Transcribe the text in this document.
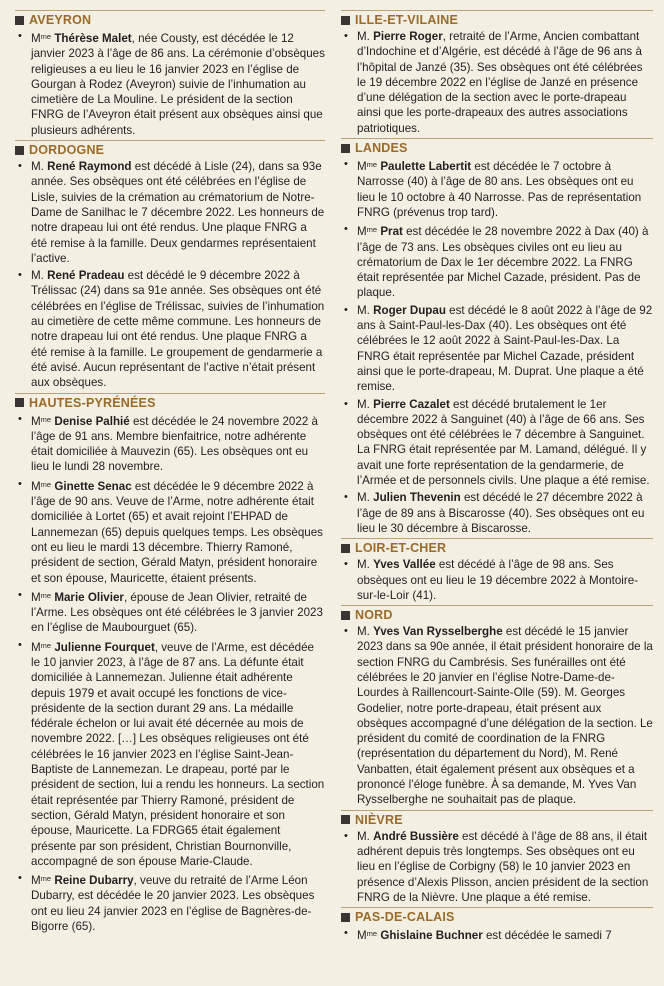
AVEYRON
• $M^{me}$ Thérèse Malet, née Cousty, est décédée le 12 janvier 2023 à l’âge de 86 ans. La cérémonie d’obsèques religieuses a eu lieu le 16 janvier 2023 en l’église de Gourgan à Rodez (Aveyron) suivie de l’inhumation au cimetière de La Mouline. Le président de la section FNRG de l’Aveyron était présent aux obsèques ainsi que plusieurs adhérents.
DORDOGNE
• M. René Raymond est décédé à Lisle (24), dans sa 93e année. Ses obsèques ont été célébrées en l’église de Lisle, suivies de la crémation au crématorium de Notre-Dame de Sanilhac le 7 décembre 2022. Les honneurs de notre drapeau lui ont été rendus. Une plaque FNRG a été remise à la famille. Deux gendarmes représentaient l’active.
• M. René Pradeau est décédé le 9 décembre 2022 à Trélissac (24) dans sa 91e année. Ses obsèques ont été célébrées en l’église de Trélissac, suivies de l’inhumation au cimetière de cette même commune. Les honneurs de notre drapeau lui ont été rendus. Une plaque FNRG a été remise à la famille. Le groupement de gendarmerie a été avisé. Aucun représentant de l’active n’était présent aux obsèques.
HAUTES-PYRÉNÉES
• $M^{me}$ Denise Palhié est décédée le 24 novembre 2022 à l’âge de 91 ans. Membre bienfaitrice, notre adhérente était domiciliée à Mauvezin (65). Les obsèques ont eu lieu le lundi 28 novembre.
• $M^{me}$ Ginette Senac est décédée le 9 décembre 2022 à l’âge de 90 ans. Veuve de l’Arme, notre adhérente était domiciliée à Lortet (65) et avait rejoint l’EHPAD de Lannemezan (65) depuis quelques temps. Les obsèques ont eu lieu le mardi 13 décembre. Thierry Ramoné, président de section, Gérald Matyn, président honoraire et son épouse, Mauricette, étaient présents.
• $M^{me}$ Marie Olivier, épouse de Jean Olivier, retraité de l’Arme. Les obsèques ont été célébrées le 3 janvier 2023 en l’église de Maubourguet (65).
• $M^{me}$ Julienne Fourquet, veuve de l’Arme, est décédée le 10 janvier 2023, à l’âge de 87 ans. La défunte était domiciliée à Lannemezan. Julienne était adhérente depuis 1979 et avait occupé les fonctions de vice-présidente de la section durant 29 ans. La médaille fédérale échelon or lui avait été décernée au mois de novembre 2022. […] Les obsèques religieuses ont été célébrées le 16 janvier 2023 en l’église Saint-Jean-Baptiste de Lannemezan. Le drapeau, porté par le président de section, lui a rendu les honneurs. La section était représentée par Thierry Ramoné, président de section, Gérald Matyn, président honoraire et son épouse, Mauricette. La FDRG65 était également présente par son président, Christian Bournonville, accompagné de son épouse Marie-Claude.
• $M^{me}$ Reine Dubarry, veuve du retraité de l’Arme Léon Dubarry, est décédée le 20 janvier 2023. Les obsèques ont eu lieu 24 janvier 2023 en l’église de Bagnères-de-Bigorre (65).
ILLE-ET-VILAINE
• M. Pierre Roger, retraité de l’Arme, Ancien combattant d’Indochine et d’Algérie, est décédé à l’âge de 96 ans à l’hôpital de Janzé (35). Ses obsèques ont été célébrées le 19 décembre 2022 en l’église de Janzé en présence d’une délégation de la section avec le porte-drapeau ainsi que les porte-drapeaux des autres associations patriotiques.
LANDES
• $M^{me}$ Paulette Labertit est décédée le 7 octobre à Narrosse (40) à l’âge de 80 ans. Les obsèques ont eu lieu le 10 octobre à 40 Narrosse. Pas de représentation FNRG (prévenus trop tard).
• $M^{me}$ Prat est décédée le 28 novembre 2022 à Dax (40) à l’âge de 73 ans. Les obsèques civiles ont eu lieu au crématorium de Dax le 1er décembre 2022. La FNRG était représentée par Michel Cazade, président. Pas de plaque.
• M. Roger Dupau est décédé le 8 août 2022 à l’âge de 92 ans à Saint-Paul-les-Dax (40). Les obsèques ont été célébrées le 12 août 2022 à Saint-Paul-les-Dax. La FNRG était représentée par Michel Cazade, président ainsi que le porte-drapeau, M. Duprat. Une plaque a été remise.
• M. Pierre Cazalet est décédé brutalement le 1er décembre 2022 à Sanguinet (40) à l’âge de 66 ans. Ses obsèques ont été célébrées le 7 décembre à Sanguinet. La FNRG était représentée par M. Lamand, délégué. Il y avait une forte représentation de la gendarmerie, de l’Armée et de personnels civils. Une plaque a été remise.
• M. Julien Thevenin est décédé le 27 décembre 2022 à l’âge de 89 ans à Biscarosse (40). Ses obsèques ont eu lieu le 30 décembre à Biscarosse.
LOIR-ET-CHER
• M. Yves Vallée est décédé à l’âge de 98 ans. Ses obsèques ont eu lieu le 19 décembre 2022 à Montoire-sur-le-Loir (41).
NORD
• M. Yves Van Rysselberghe est décédé le 15 janvier 2023 dans sa 90e année, il était président honoraire de la section FNRG du Cambrésis. Ses funérailles ont été célébrées le 20 janvier en l’église Notre-Dame-de-Lourdes à Raillencourt-Sainte-Olle (59). M. Georges Godelier, notre porte-drapeau, était présent aux obsèques accompagné d’une délégation de la section. Le président du comité de coordination de la FNRG (représentation du département du Nord), M. René Vanbatten, était également présent aux obsèques et a prononcé l’éloge funèbre. À sa demande, M. Yves Van Rysselberghe ne souhaitait pas de plaque.
NIÈVRE
• M. André Bussière est décédé à l’âge de 88 ans, il était adhérent depuis très longtemps. Ses obsèques ont eu lieu en l’église de Corbigny (58) le 10 janvier 2023 en présence d’Alexis Plisson, ancien président de la section FNRG de la Nièvre. Une plaque a été remise.
PAS-DE-CALAIS
• $M^{me}$ Ghislaine Buchner est décédée le samedi 7
